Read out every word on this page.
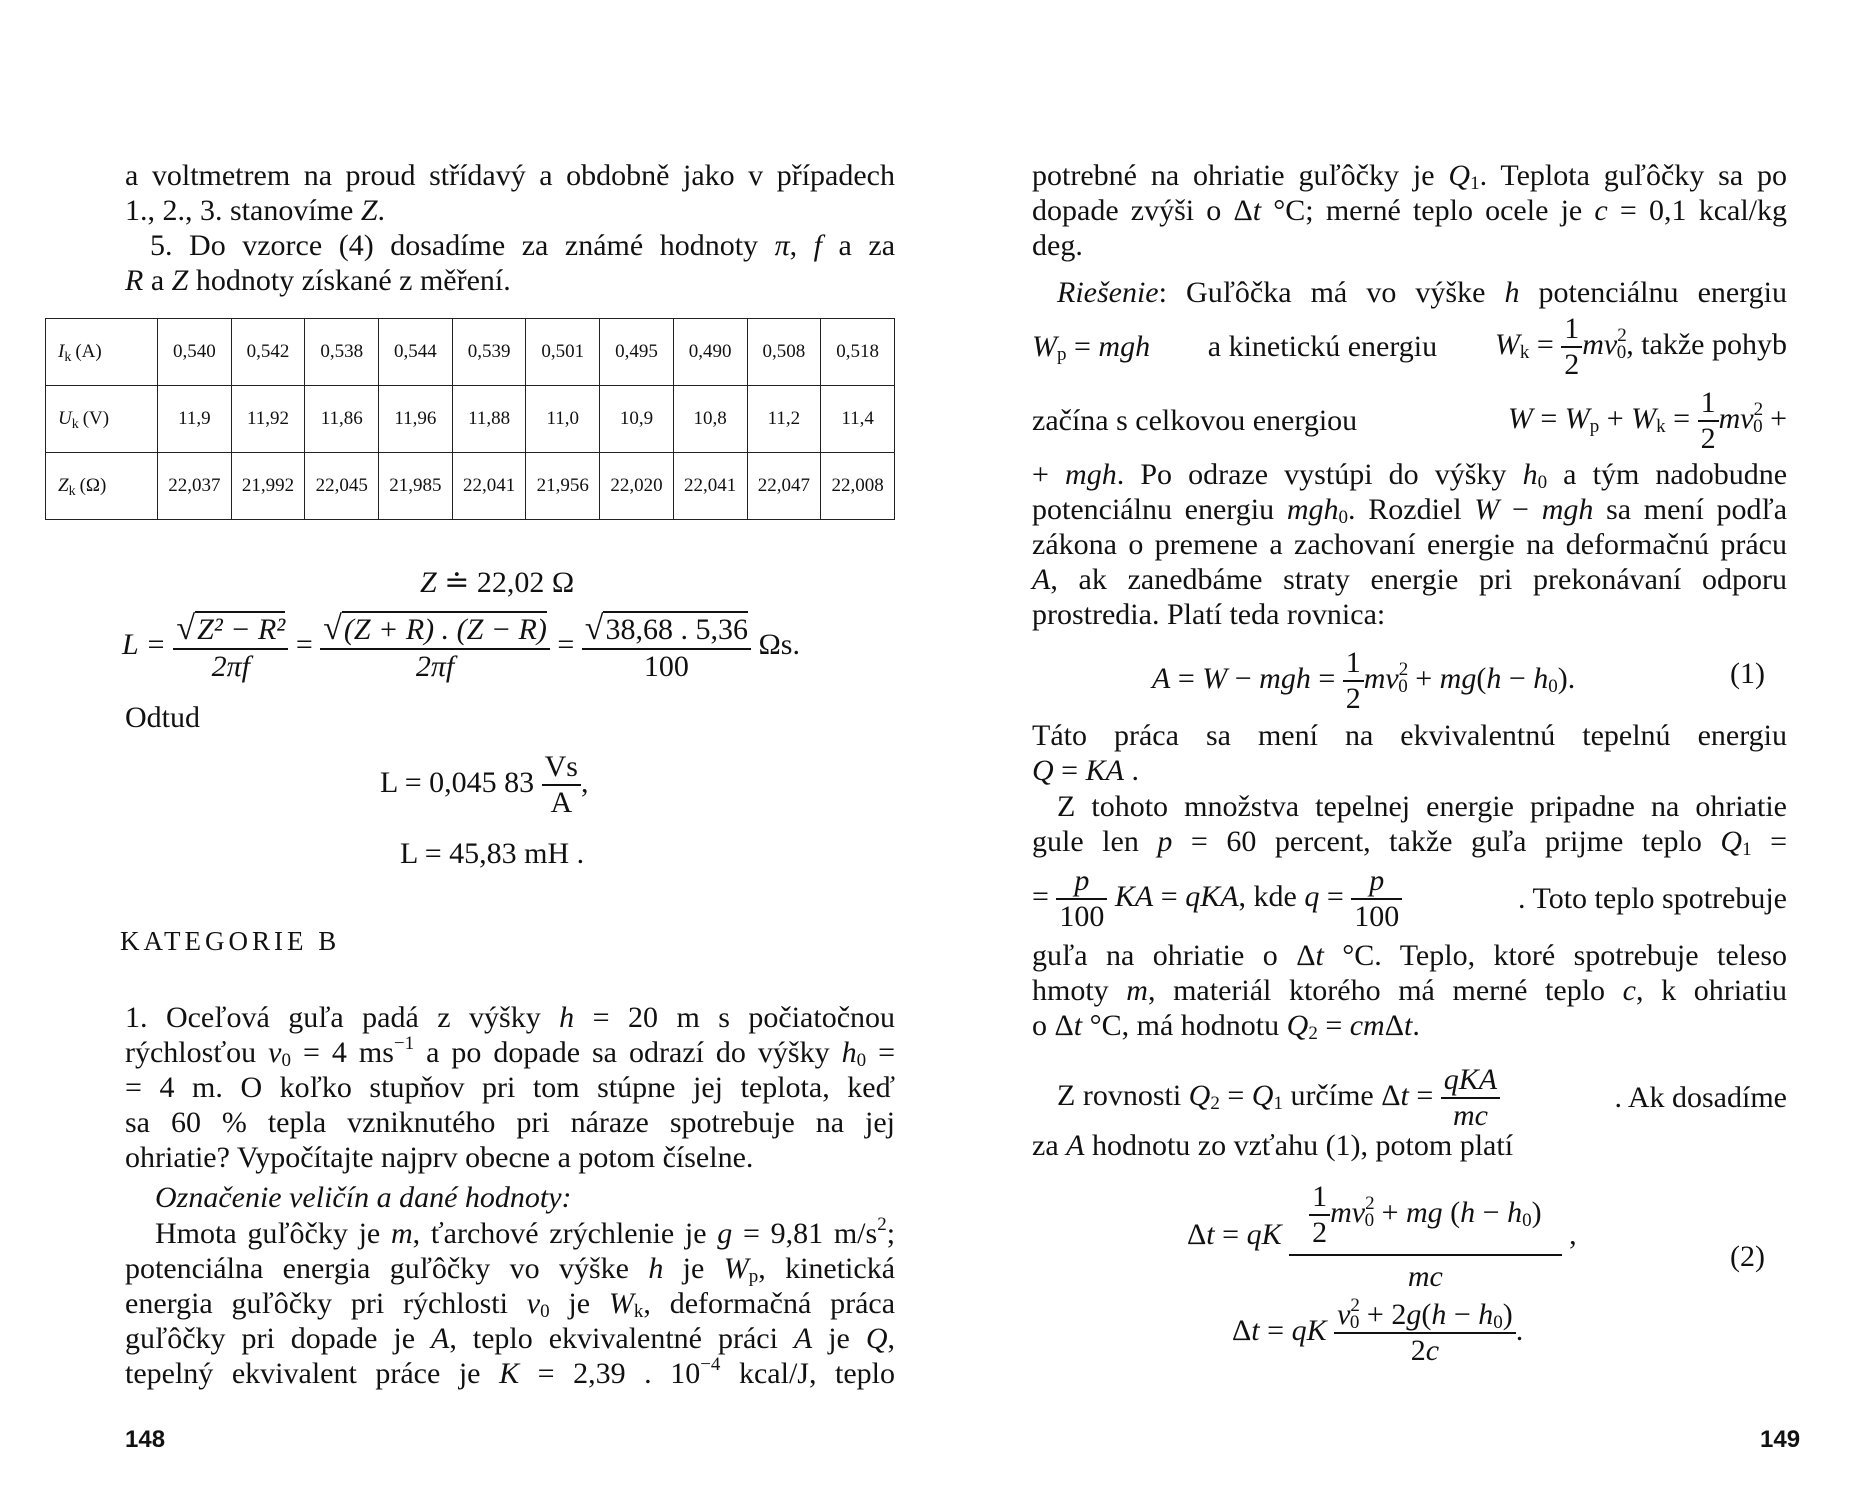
a voltmetrem na proud střídavý a obdobně jako v případech
1., 2., 3. stanovíme Z.
5. Do vzorce (4) dosadíme za známé hodnoty π, f a za
R a Z hodnoty získané z měření.
$I_k$ (A)	0,540	0,542	0,538	0,544	0,539	0,501	0,495	0,490	0,508	0,518
$U_k$ (V)	11,9	11,92	11,86	11,96	11,88	11,0	10,9	10,8	11,2	11,4
$Z_k$ (Ω)	22,037	21,992	22,045	21,985	22,041	21,956	22,020	22,041	22,047	22,008
Z ≐ 22,02 Ω
$L = \frac{\text{√Z² − R²}}{2\pi f} = \frac{√(Z + R) . (Z - R)}{2\pi f} = \frac{√38,68 . 5,36}{100} \Omega s$.
Odtud
L = 0,045 $83 \frac{Vs}{A}$ ,
L = 45,83 mH .
KATEGORIE B
1. Oceľová guľa padá z výšky h = 20 m s počiatočnou
rýchlosťou $v_0 = 4$ $ms^{-1}$ a po dopade sa odrazí do výšky $h_0$ =
= 4 m. O koľko stupňov pri tom stúpne jej teplota, keď
sa 60 % tepla vzniknutého pri náraze spotrebuje na jej
ohriatie? Vypočítajte najprv obecne a potom číselne.
Označenie veličín a dané hodnoty:
Hmota guľôčky je m, ťarchové zrýchlenie je g = 9,81 $m/s^2$;
potenciálna energia guľôčky vo výške h je $W_p$, kinetická
energia guľôčky pri rýchlosti $v_0$ je $W_k$, deformačná práca
guľôčky pri dopade je A, teplo ekvivalentné práci A je Q,
tepelný ekvivalent práce je K = 2,39 . $10^{-4}$ kcal/J, teplo
148
potrebné na ohriatie guľôčky je $Q_1$. Teplota guľôčky sa po
dopade zvýši o Δt °C; merné teplo ocele je c = 0,1 kcal/kg
deg.
Riešenie: Guľôčka má vo výške h potenciálnu energiu
$W_p$ = mgh a kinetickú energiu $W_k = \frac{1}{2} mv^2_0$, takže pohyb
začína s celkovou energiou	$W = W_p + W_k = \frac{1}{2} mv^2_0$ +
+ mgh. Po odraze vystúpi do výšky $h_0$ a tým nadobudne
potenciálnu energiu mgh$_0$. Rozdiel W − mgh sa mení podľa
zákona o premene a zachovaní energie na deformačnú prácu
A, ak zanedbáme straty energie pri prekonávaní odporu
prostredia. Platí teda rovnica:
A = W − mgh = $\frac{1}{2} mv^2_0 + mg(h - h_0)$.	(1)
Táto práca sa mení na ekvivalentnú tepelnú energiu
Q = KA .
Z tohoto množstva tepelnej energie pripadne na ohriatie
gule len p = 60 percent, takže guľa prijme teplo $Q_1$ =
= $\frac{p}{100}$ KA = qKA, kde $q = \frac{p}{100}$	. Toto teplo spotrebuje
guľa na ohriatie o Δt °C. Teplo, ktoré spotrebuje teleso
hmoty m, materiál ktorého má merné teplo c, k ohriatiu
o Δt °C, má hodnotu $Q_2 = cm\Delta t$.
Z rovnosti $Q_2 = Q_1$ určíme $\Delta t = \frac{\text{qKA}}{mc}$	. Ak dosadíme
za A hodnotu zo vzťahu (1), potom platí
Δt = qK $\frac{\frac{1}{2} mv^2_0 + mg (h - h_0)}{mc}$ ,
(2)
Δt = qK $\frac{v^2_0 + 2g(h - h_0)}{2c}$ .
149
